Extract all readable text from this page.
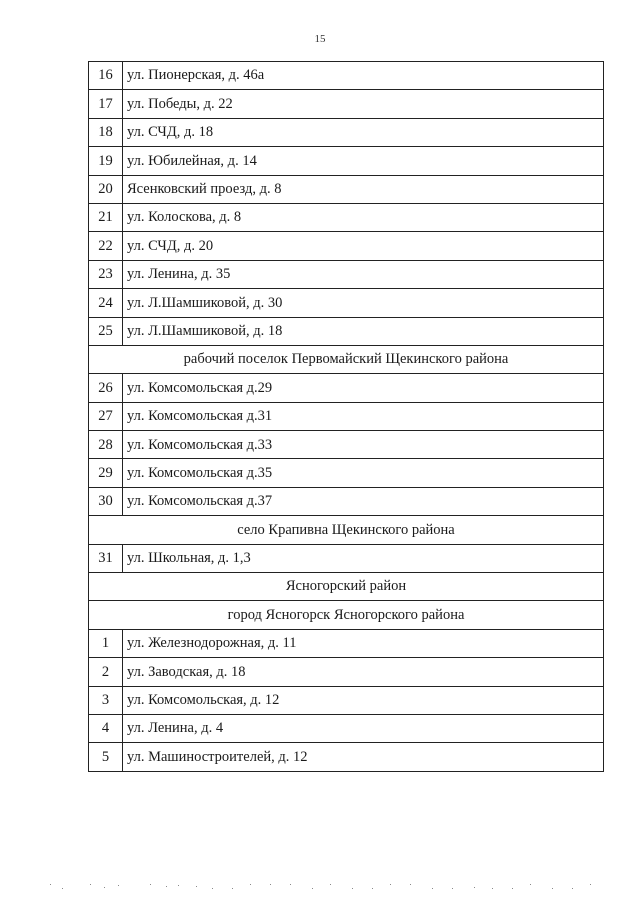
15
16	ул. Пионерская, д. 46а
17	ул. Победы, д. 22
18	ул. СЧД, д. 18
19	ул. Юбилейная, д. 14
20	Ясенковский проезд, д. 8
21	ул. Колоскова, д. 8
22	ул. СЧД, д. 20
23	ул. Ленина, д. 35
24	ул. Л.Шамшиковой, д. 30
25	ул. Л.Шамшиковой, д. 18
рабочий поселок Первомайский Щекинского района	
26	ул. Комсомольская д.29
27	ул. Комсомольская д.31
28	ул. Комсомольская д.33
29	ул. Комсомольская д.35
30	ул. Комсомольская д.37
село Крапивна Щекинского района	
31	ул. Школьная, д. 1,3
Ясногорский район	
город Ясногорск Ясногорского района	
1	ул. Железнодорожная, д. 11
2	ул. Заводская, д. 18
3	ул. Комсомольская, д. 12
4	ул. Ленина, д. 4
5	ул. Машиностроителей, д. 12
